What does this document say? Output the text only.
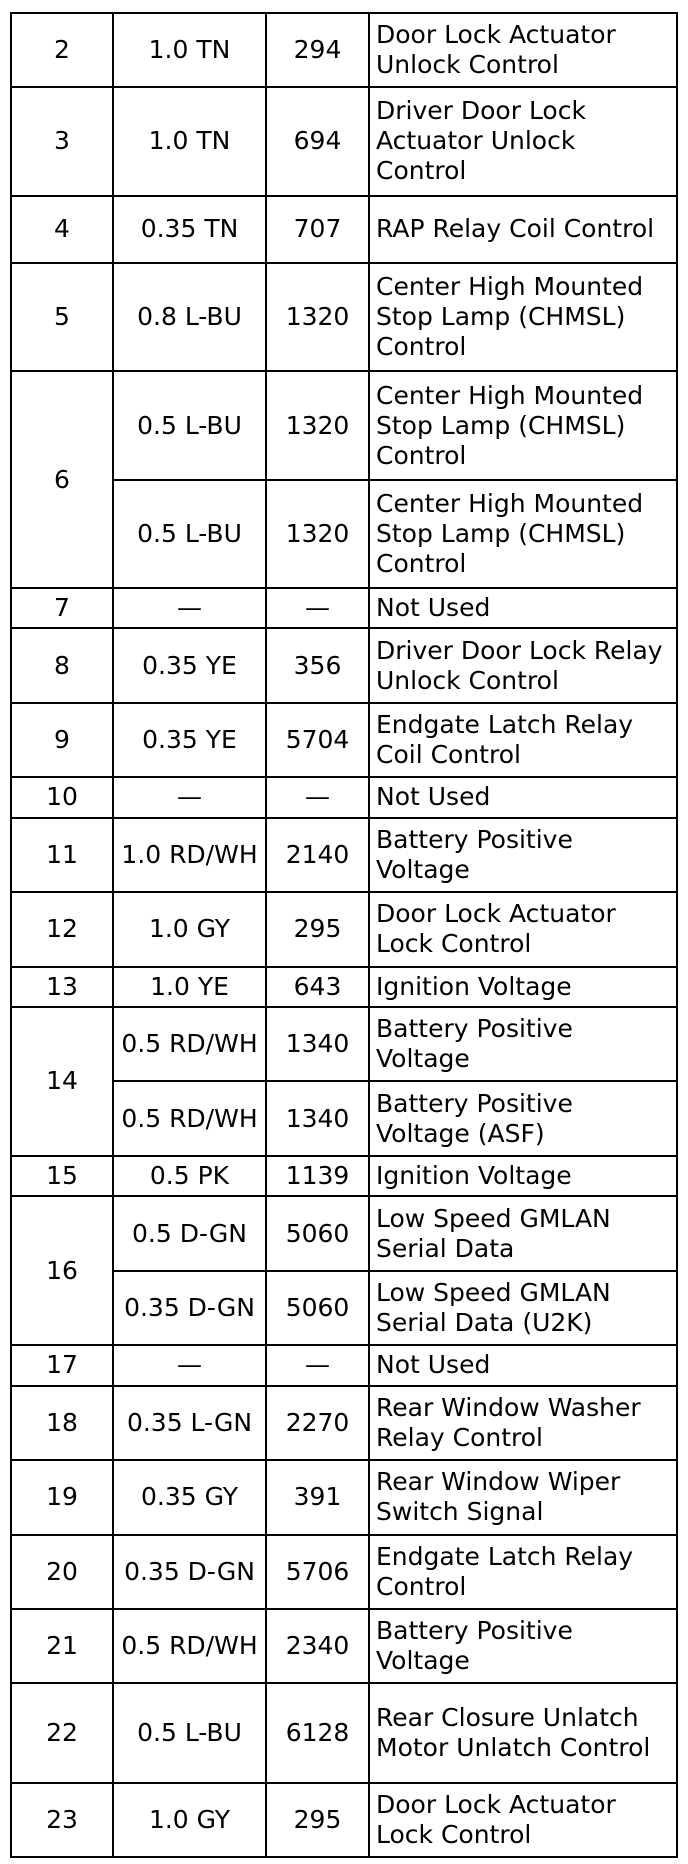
2	1.0 TN	294	Door Lock Actuator Unlock Control
3	1.0 TN	694	Driver Door Lock Actuator Unlock Control
4	0.35 TN	707	RAP Relay Coil Control
5	0.8 L-BU	1320	Center High Mounted Stop Lamp (CHMSL) Control
6	0.5 L-BU	1320	Center High Mounted Stop Lamp (CHMSL) Control
	0.5 L-BU	1320	Center High Mounted Stop Lamp (CHMSL) Control
7	—	—	Not Used
8	0.35 YE	356	Driver Door Lock Relay Unlock Control
9	0.35 YE	5704	Endgate Latch Relay Coil Control
10	—	—	Not Used
11	1.0 RD/WH	2140	Battery Positive Voltage
12	1.0 GY	295	Door Lock Actuator Lock Control
13	1.0 YE	643	Ignition Voltage
14	0.5 RD/WH	1340	Battery Positive Voltage
	0.5 RD/WH	1340	Battery Positive Voltage (ASF)
15	0.5 PK	1139	Ignition Voltage
16	0.5 D-GN	5060	Low Speed GMLAN Serial Data
	0.35 D-GN	5060	Low Speed GMLAN Serial Data (U2K)
17	—	—	Not Used
18	0.35 L-GN	2270	Rear Window Washer Relay Control
19	0.35 GY	391	Rear Window Wiper Switch Signal
20	0.35 D-GN	5706	Endgate Latch Relay Control
21	0.5 RD/WH	2340	Battery Positive Voltage
22	0.5 L-BU	6128	Rear Closure Unlatch Motor Unlatch Control
23	1.0 GY	295	Door Lock Actuator Lock Control
